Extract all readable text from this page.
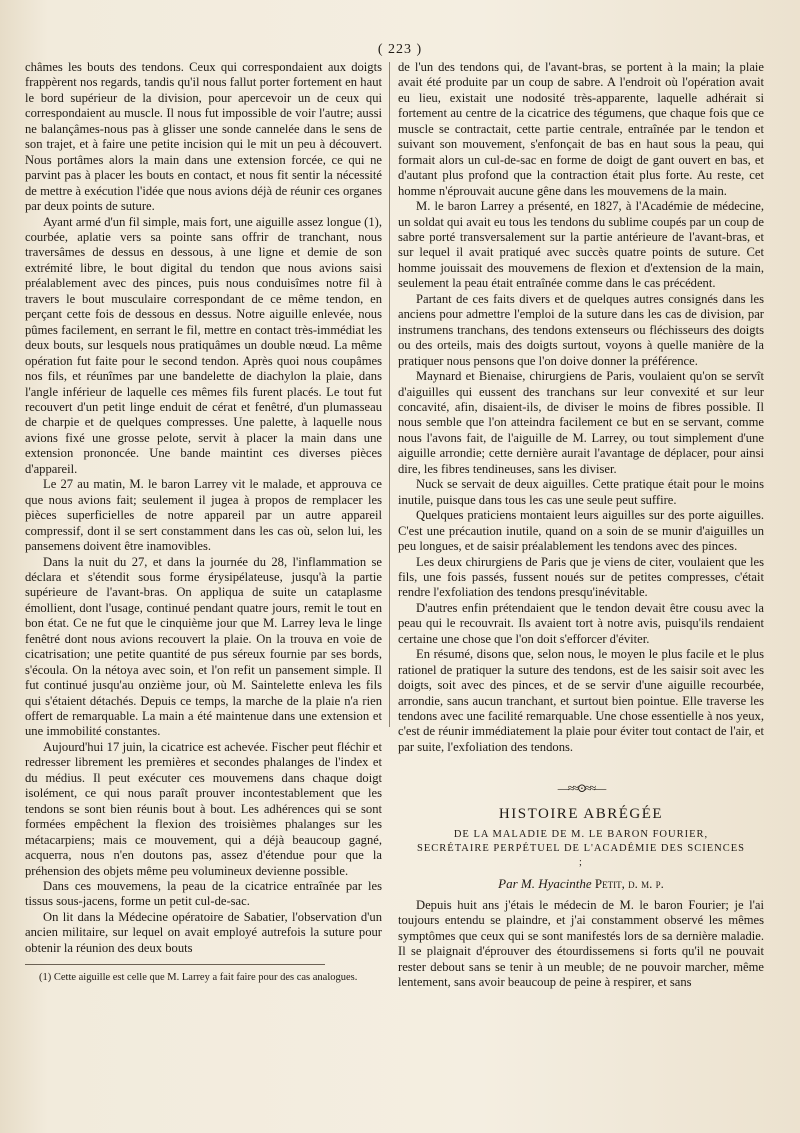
( 223 )

châmes les bouts des tendons. Ceux qui correspondaient aux doigts frappèrent nos regards, tandis qu'il nous fallut porter fortement en haut le bord supérieur de la division, pour apercevoir un de ceux qui correspondaient au muscle. Il nous fut impossible de voir l'autre; aussi ne balançâmes-nous pas à glisser une sonde cannelée dans le sens de son trajet, et à faire une petite incision qui le mit un peu à découvert. Nous portâmes alors la main dans une extension forcée, ce qui ne parvint pas à placer les bouts en contact, et nous fit sentir la nécessité de mettre à exécution l'idée que nous avions déjà de réunir ces organes par deux points de suture.

Ayant armé d'un fil simple, mais fort, une aiguille assez longue (1), courbée, aplatie vers sa pointe sans offrir de tranchant, nous traversâmes de dessus en dessous, à une ligne et demie de son extrémité libre, le bout digital du tendon que nous avions saisi préalablement avec des pinces, puis nous conduisîmes notre fil à travers le bout musculaire correspondant de ce même tendon, en perçant cette fois de dessous en dessus. Notre aiguille enlevée, nous pûmes facilement, en serrant le fil, mettre en contact très-immédiat les deux bouts, sur lesquels nous pratiquâmes un double nœud. La même opération fut faite pour le second tendon. Après quoi nous coupâmes nos fils, et réunîmes par une bandelette de diachylon la plaie, dans l'angle inférieur de laquelle ces mêmes fils furent placés. Le tout fut recouvert d'un petit linge enduit de cérat et fenêtré, d'un plumasseau de charpie et de quelques compresses. Une palette, à laquelle nous avions fixé une grosse pelote, servit à placer la main dans une extension prononcée. Une bande maintint ces diverses pièces d'appareil.

Le 27 au matin, M. le baron Larrey vit le malade, et approuva ce que nous avions fait; seulement il jugea à propos de remplacer les pièces superficielles de notre appareil par un autre appareil compressif, dont il se sert constamment dans les cas où, selon lui, les pansemens doivent être inamovibles.

Dans la nuit du 27, et dans la journée du 28, l'inflammation se déclara et s'étendit sous forme érysipélateuse, jusqu'à la partie supérieure de l'avant-bras. On appliqua de suite un cataplasme émollient, dont l'usage, continué pendant quatre jours, remit le tout en bon état. Ce ne fut que le cinquième jour que M. Larrey leva le linge fenêtré dont nous avions recouvert la plaie. On la trouva en voie de cicatrisation; une petite quantité de pus séreux fournie par ses bords, s'écoula. On la nétoya avec soin, et l'on refit un pansement simple. Il fut continué jusqu'au onzième jour, où M. Saintelette enleva les fils qui s'étaient détachés. Depuis ce temps, la marche de la plaie n'a rien offert de remarquable. La main a été maintenue dans une extension et une immobilité constantes.

Aujourd'hui 17 juin, la cicatrice est achevée. Fischer peut fléchir et redresser librement les premières et secondes phalanges de l'index et du médius. Il peut exécuter ces mouvemens dans chaque doigt isolément, ce qui nous paraît prouver incontestablement que les tendons se sont bien réunis bout à bout. Les adhérences qui se sont formées empêchent la flexion des troisièmes phalanges sur les métacarpiens; mais ce mouvement, qui a déjà beaucoup gagné, acquerra, nous n'en doutons pas, assez d'étendue pour que la préhension des objets même peu volumineux devienne possible.

Dans ces mouvemens, la peau de la cicatrice entraînée par les tissus sous-jacens, forme un petit cul-de-sac.

On lit dans la Médecine opératoire de Sabatier, l'observation d'un ancien militaire, sur lequel on avait employé autrefois la suture pour obtenir la réunion des deux bouts

(1) Cette aiguille est celle que M. Larrey a fait faire pour des cas analogues.

de l'un des tendons qui, de l'avant-bras, se portent à la main; la plaie avait été produite par un coup de sabre. A l'endroit où l'opération avait eu lieu, existait une nodosité très-apparente, laquelle adhérait si fortement au centre de la cicatrice des tégumens, que chaque fois que ce muscle se contractait, cette partie centrale, entraînée par le tendon et suivant son mouvement, s'enfonçait de bas en haut sous la peau, qui formait alors un cul-de-sac en forme de doigt de gant ouvert en bas, et d'autant plus profond que la contraction était plus forte. Au reste, cet homme n'éprouvait aucune gêne dans les mouvemens de la main.

M. le baron Larrey a présenté, en 1827, à l'Académie de médecine, un soldat qui avait eu tous les tendons du sublime coupés par un coup de sabre porté transversalement sur la partie antérieure de l'avant-bras, et sur lequel il avait pratiqué avec succès quatre points de suture. Cet homme jouissait des mouvemens de flexion et d'extension de la main, seulement la peau était entraînée comme dans le cas précédent.

Partant de ces faits divers et de quelques autres consignés dans les anciens pour admettre l'emploi de la suture dans les cas de division, par instrumens tranchans, des tendons extenseurs ou fléchisseurs des doigts ou des orteils, mais des doigts surtout, voyons à quelle manière de la pratiquer nous pensons que l'on doive donner la préférence.

Maynard et Bienaise, chirurgiens de Paris, voulaient qu'on se servît d'aiguilles qui eussent des tranchans sur leur convexité et sur leur concavité, afin, disaient-ils, de diviser le moins de fibres possible. Il nous semble que l'on atteindra facilement ce but en se servant, comme nous l'avons fait, de l'aiguille de M. Larrey, ou tout simplement d'une aiguille arrondie; cette dernière aurait l'avantage de déplacer, pour ainsi dire, les fibres tendineuses, sans les diviser.

Nuck se servait de deux aiguilles. Cette pratique était pour le moins inutile, puisque dans tous les cas une seule peut suffire.

Quelques praticiens montaient leurs aiguilles sur des porte aiguilles. C'est une précaution inutile, quand on a soin de se munir d'aiguilles un peu longues, et de saisir préalablement les tendons avec des pinces.

Les deux chirurgiens de Paris que je viens de citer, voulaient que les fils, une fois passés, fussent noués sur de petites compresses, c'était rendre l'exfoliation des tendons presqu'inévitable.

D'autres enfin prétendaient que le tendon devait être cousu avec la peau qui le recouvrait. Ils avaient tort à notre avis, puisqu'ils rendaient certaine une chose que l'on doit s'efforcer d'éviter.

En résumé, disons que, selon nous, le moyen le plus facile et le plus rationel de pratiquer la suture des tendons, est de les saisir soit avec les doigts, soit avec des pinces, et de se servir d'une aiguille recourbée, arrondie, sans aucun tranchant, et surtout bien pointue. Elle traverse les tendons avec une facilité remarquable. Une chose essentielle à nos yeux, c'est de réunir immédiatement la plaie pour éviter tout contact de l'air, et par suite, l'exfoliation des tendons.

—≈≈⊙≈≈—
HISTOIRE ABRÉGÉE
DE LA MALADIE DE M. LE BARON FOURIER, SECRÉTAIRE PERPÉTUEL DE L'ACADÉMIE DES SCIENCES ;
Par M. Hyacinthe Petit, d. m. p.

Depuis huit ans j'étais le médecin de M. le baron Fourier; je l'ai toujours entendu se plaindre, et j'ai constamment observé les mêmes symptômes que ceux qui se sont manifestés lors de sa dernière maladie. Il se plaignait d'éprouver des étourdissemens si forts qu'il ne pouvait rester debout sans se tenir à un meuble; de ne pouvoir marcher, même lentement, sans avoir beaucoup de peine à respirer, et sans
